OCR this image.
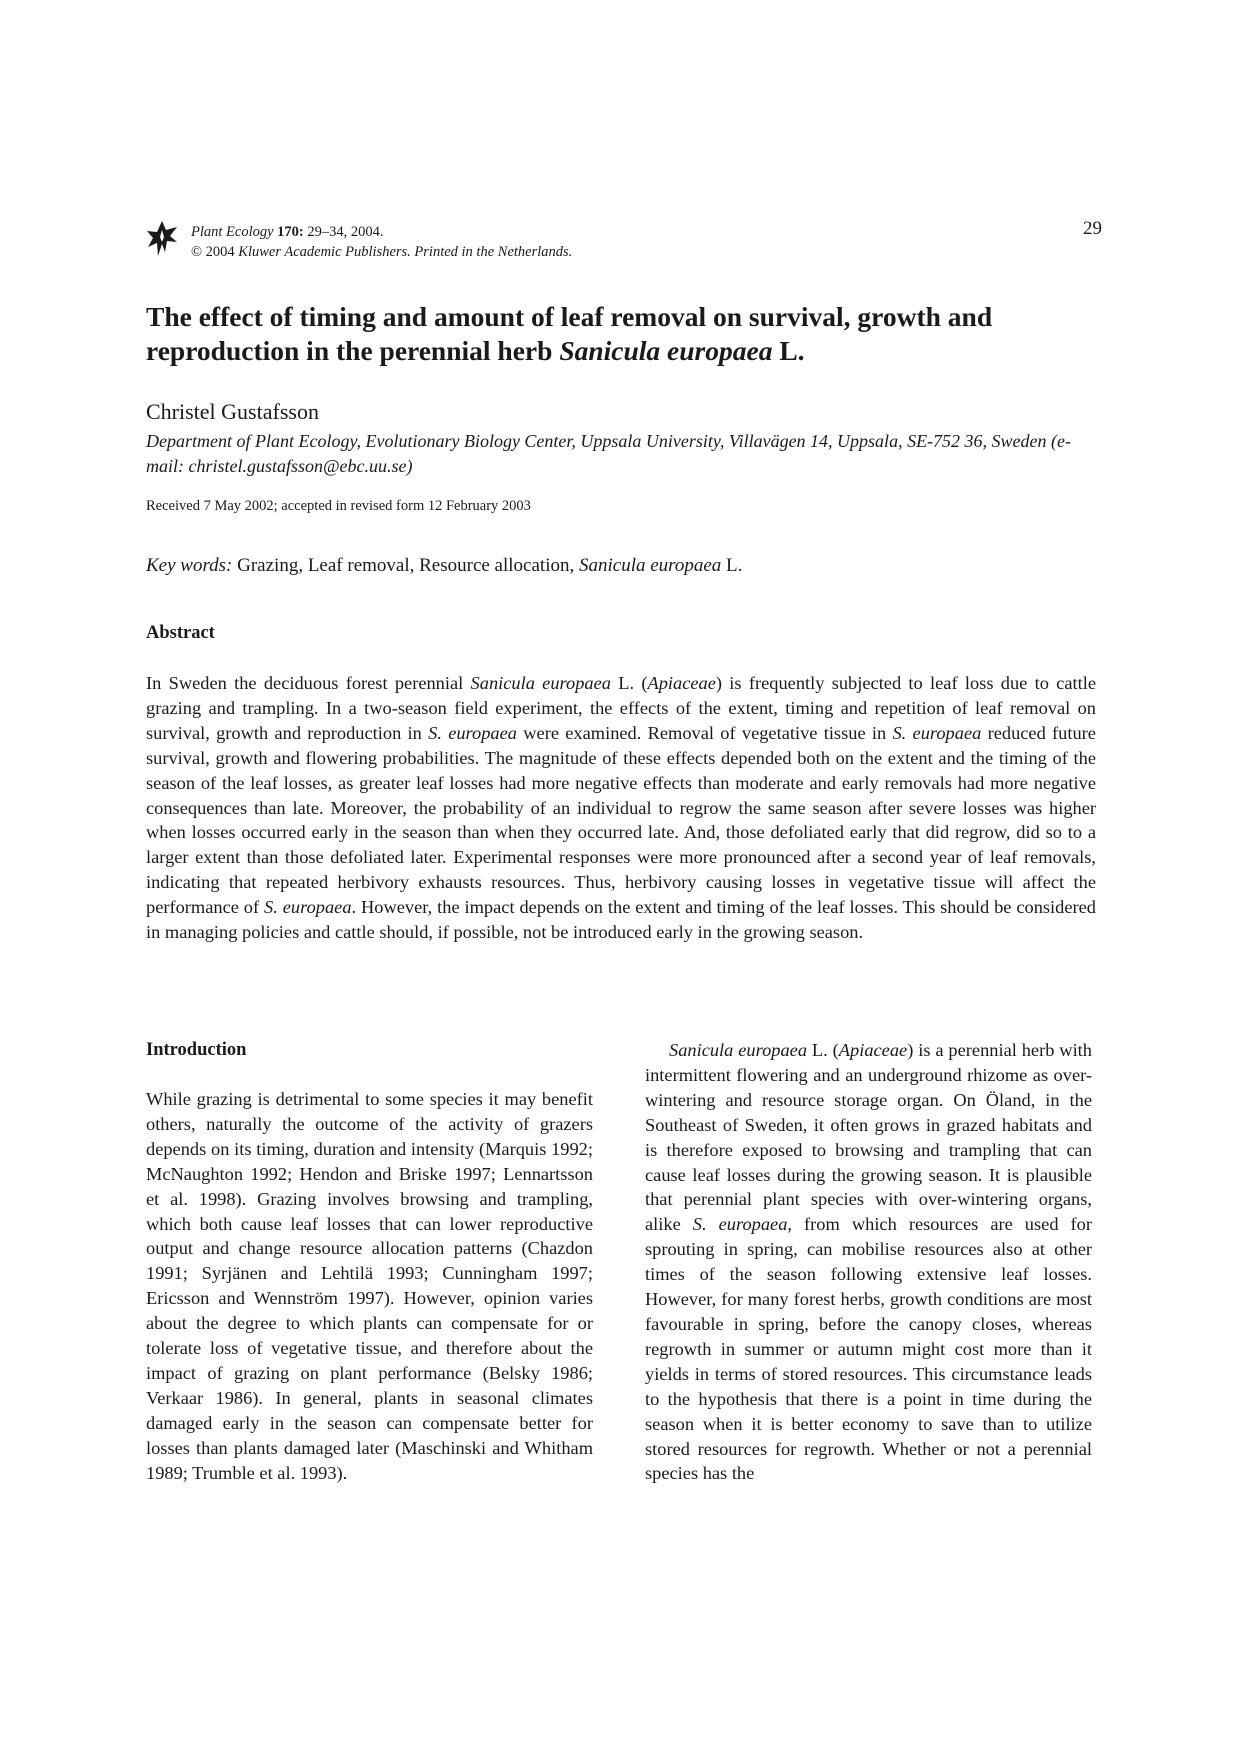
Plant Ecology 170: 29–34, 2004.
© 2004 Kluwer Academic Publishers. Printed in the Netherlands.
29
The effect of timing and amount of leaf removal on survival, growth and reproduction in the perennial herb Sanicula europaea L.
Christel Gustafsson
Department of Plant Ecology, Evolutionary Biology Center, Uppsala University, Villavägen 14, Uppsala, SE-752 36, Sweden (e-mail: christel.gustafsson@ebc.uu.se)
Received 7 May 2002; accepted in revised form 12 February 2003
Key words: Grazing, Leaf removal, Resource allocation, Sanicula europaea L.
Abstract

In Sweden the deciduous forest perennial Sanicula europaea L. (Apiaceae) is frequently subjected to leaf loss due to cattle grazing and trampling. In a two-season field experiment, the effects of the extent, timing and repetition of leaf removal on survival, growth and reproduction in S. europaea were examined. Removal of vegetative tissue in S. europaea reduced future survival, growth and flowering probabilities. The magnitude of these effects depended both on the extent and the timing of the season of the leaf losses, as greater leaf losses had more negative effects than moderate and early removals had more negative consequences than late. Moreover, the probability of an individual to regrow the same season after severe losses was higher when losses occurred early in the season than when they occurred late. And, those defoliated early that did regrow, did so to a larger extent than those defoliated later. Experimental responses were more pronounced after a second year of leaf removals, indicating that repeated herbivory exhausts resources. Thus, herbivory causing losses in vegetative tissue will affect the performance of S. europaea. However, the impact depends on the extent and timing of the leaf losses. This should be considered in managing policies and cattle should, if possible, not be introduced early in the growing season.

Introduction

While grazing is detrimental to some species it may benefit others, naturally the outcome of the activity of grazers depends on its timing, duration and intensity (Marquis 1992; McNaughton 1992; Hendon and Briske 1997; Lennartsson et al. 1998). Grazing involves browsing and trampling, which both cause leaf losses that can lower reproductive output and change resource allocation patterns (Chazdon 1991; Syrjänen and Lehtilä 1993; Cunningham 1997; Ericsson and Wennström 1997). However, opinion varies about the degree to which plants can compensate for or tolerate loss of vegetative tissue, and therefore about the impact of grazing on plant performance (Belsky 1986; Verkaar 1986). In general, plants in seasonal climates damaged early in the season can compensate better for losses than plants damaged later (Maschinski and Whitham 1989; Trumble et al. 1993).

Sanicula europaea L. (Apiaceae) is a perennial herb with intermittent flowering and an underground rhizome as over-wintering and resource storage organ. On Öland, in the Southeast of Sweden, it often grows in grazed habitats and is therefore exposed to browsing and trampling that can cause leaf losses during the growing season. It is plausible that perennial plant species with over-wintering organs, alike S. europaea, from which resources are used for sprouting in spring, can mobilise resources also at other times of the season following extensive leaf losses. However, for many forest herbs, growth conditions are most favourable in spring, before the canopy closes, whereas regrowth in summer or autumn might cost more than it yields in terms of stored resources. This circumstance leads to the hypothesis that there is a point in time during the season when it is better economy to save than to utilize stored resources for regrowth. Whether or not a perennial species has the
